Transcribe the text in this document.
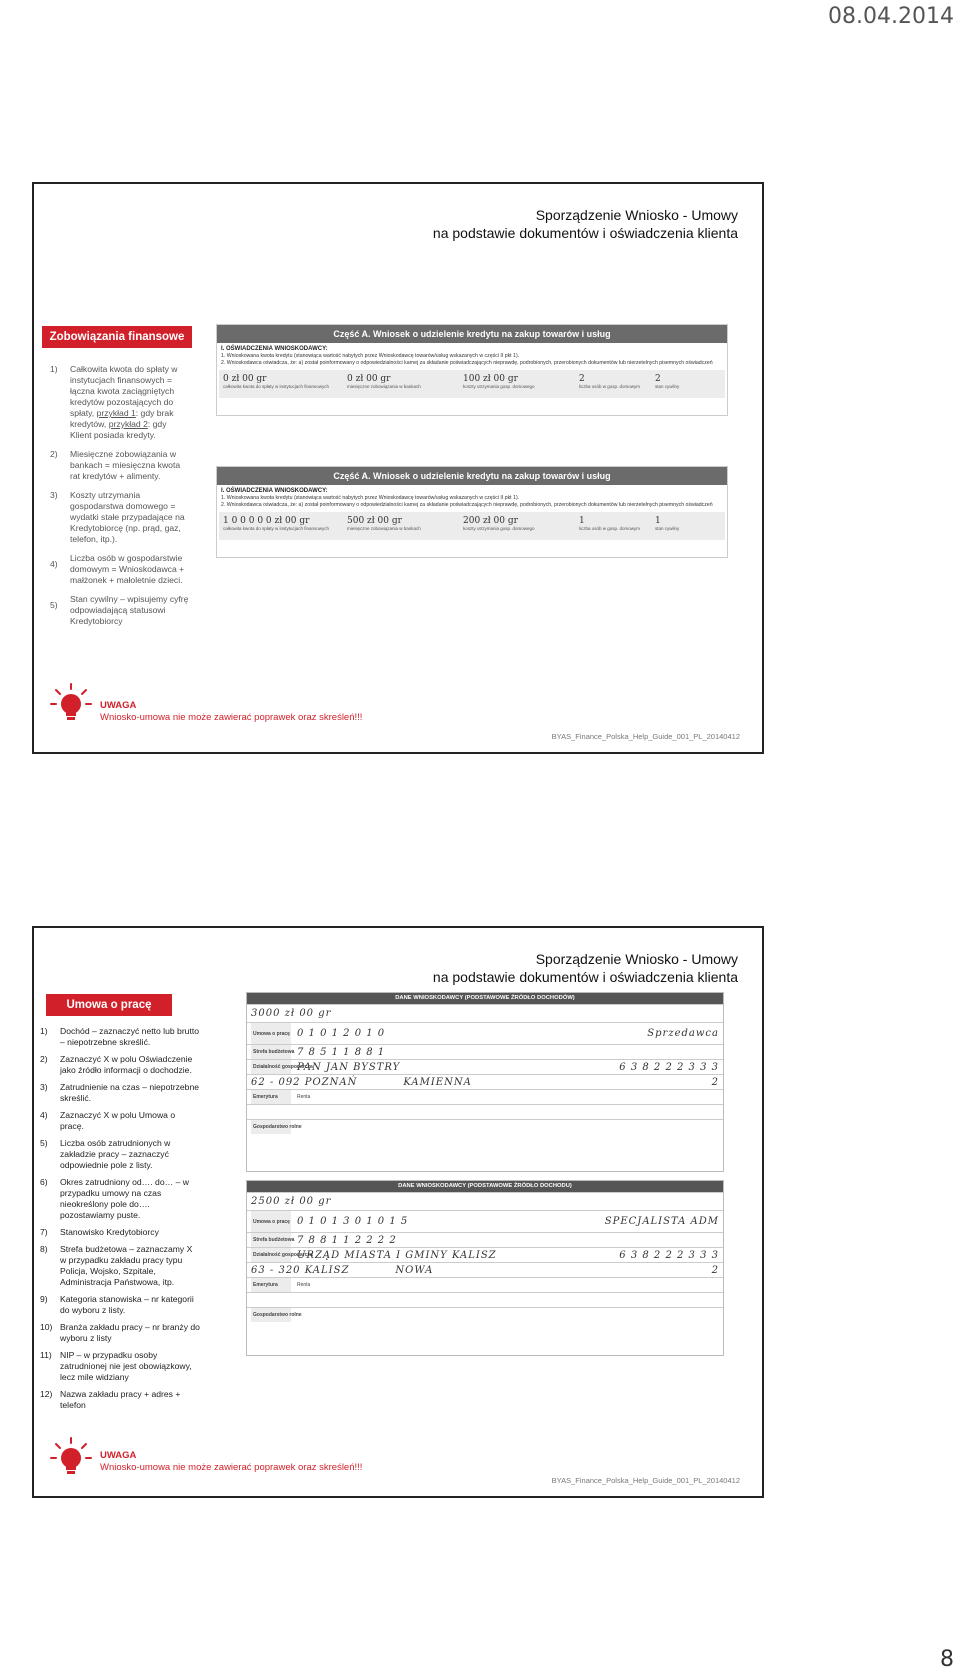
08.04.2014
Sporządzenie Wniosko - Umowy
na podstawie dokumentów i oświadczenia klienta
Zobowiązania finansowe
1) Całkowita kwota do spłaty w instytucjach finansowych = łączna kwota zaciągniętych kredytów pozostających do spłaty, przykład 1: gdy brak kredytów, przykład 2: gdy Klient posiada kredyty.
2) Miesięczne zobowiązania w bankach = miesięczna kwota rat kredytów + alimenty.
3) Koszty utrzymania gospodarstwa domowego = wydatki stałe przypadające na Kredytobiorcę (np. prąd, gaz, telefon, itp.).
4)
Liczba osób w gospodarstwie domowym = Wnioskodawca + małżonek + małoletnie dzieci.
5)
Stan cywilny – wpisujemy cyfrę odpowiadającą statusowi Kredytobiorcy
Część A. Wniosek o udzielenie kredytu na zakup towarów i usług
I. OŚWIADCZENIA WNIOSKODAWCY:
1. Wnioskowana kwota kredytu (stanowiąca wartość nabytych przez Wnioskodawcę towarów/usług wskazanych w części II pkt 1).
2. Wnioskodawca oświadcza, że: a) został poinformowany o odpowiedzialności karnej za składanie poświadczających nieprawdę, podrobionych, przerobionych dokumentów lub nierzetelnych pisemnych oświadczeń
0 zł 00 gr
całkowita kwota do spłaty w instytucjach finansowych
0 zł 00 gr
miesięczne zobowiązania w bankach
100 zł 00 gr
koszty utrzymania gosp. domowego
2
liczba osób w gosp. domowym
2
stan cywilny
Część A. Wniosek o udzielenie kredytu na zakup towarów i usług
I. OŚWIADCZENIA WNIOSKODAWCY:
1. Wnioskowana kwota kredytu (stanowiąca wartość nabytych przez Wnioskodawcę towarów/usług wskazanych w części II pkt 1).
2. Wnioskodawca oświadcza, że: a) został poinformowany o odpowiedzialności karnej za składanie poświadczających nieprawdę, podrobionych, przerobionych dokumentów lub nierzetelnych pisemnych oświadczeń
1 0 0 0 0 0 zł 00 gr
całkowita kwota do spłaty w instytucjach finansowych
500 zł 00 gr
miesięczne zobowiązania w bankach
200 zł 00 gr
koszty utrzymania gosp. domowego
1
liczba osób w gosp. domowym
1
stan cywilny
UWAGA
Wniosko-umowa nie może zawierać poprawek oraz skreśleń!!!
BYAS_Finance_Polska_Help_Guide_001_PL_20140412
Sporządzenie Wniosko - Umowy
na podstawie dokumentów i oświadczenia klienta
Umowa o pracę
1) Dochód – zaznaczyć netto lub brutto – niepotrzebne skreślić.
2) Zaznaczyć X w polu Oświadczenie jako źródło informacji o dochodzie.
3) Zatrudnienie na czas – niepotrzebne skreślić.
4) Zaznaczyć X w polu Umowa o pracę.
5) Liczba osób zatrudnionych w zakładzie pracy – zaznaczyć odpowiednie pole z listy.
6) Okres zatrudniony od…. do… – w przypadku umowy na czas nieokreślony pole do…. pozostawiamy puste.
7) Stanowisko Kredytobiorcy
8) Strefa budżetowa – zaznaczamy X w przypadku zakładu pracy typu Policja, Wojsko, Szpitale, Administracja Państwowa, itp.
9) Kategoria stanowiska – nr kategorii do wyboru z listy.
10) Branża zakładu pracy – nr branży do wyboru z listy
11) NIP – w przypadku osoby zatrudnionej nie jest obowiązkowy, lecz mile widziany
12) Nazwa zakładu pracy + adres + telefon
DANE WNIOSKODAWCY (PODSTAWOWE ŹRÓDŁO DOCHODÓW)
3000 zł 00 gr
Umowa o pracę 0 1 0 1 2 0 1 0	Sprzedawca
Strefa budżetowa 7 8 5 1 1 8 8 1
Działalność gospodarcza
PAN JAN BYSTRY	6 3 8 2 2 2 3 3 3
62 - 092 POZNAŃ	KAMIENNA	2
Emerytura	Renta
Gospodarstwo rolne
DANE WNIOSKODAWCY (PODSTAWOWE ŹRÓDŁO DOCHODU)
2500 zł 00 gr
Umowa o pracę 0 1 0 1 3 0 1 0 1 5	SPECJALISTA ADM
Strefa budżetowa 7 8 8 1 1 2 2 2 2
Działalność gospodarcza
URZĄD MIASTA I GMINY KALISZ	6 3 8 2 2 2 3 3 3
63 - 320 KALISZ	NOWA	2
Emerytura	Renta
Gospodarstwo rolne
UWAGA
Wniosko-umowa nie może zawierać poprawek oraz skreśleń!!!
BYAS_Finance_Polska_Help_Guide_001_PL_20140412
8
